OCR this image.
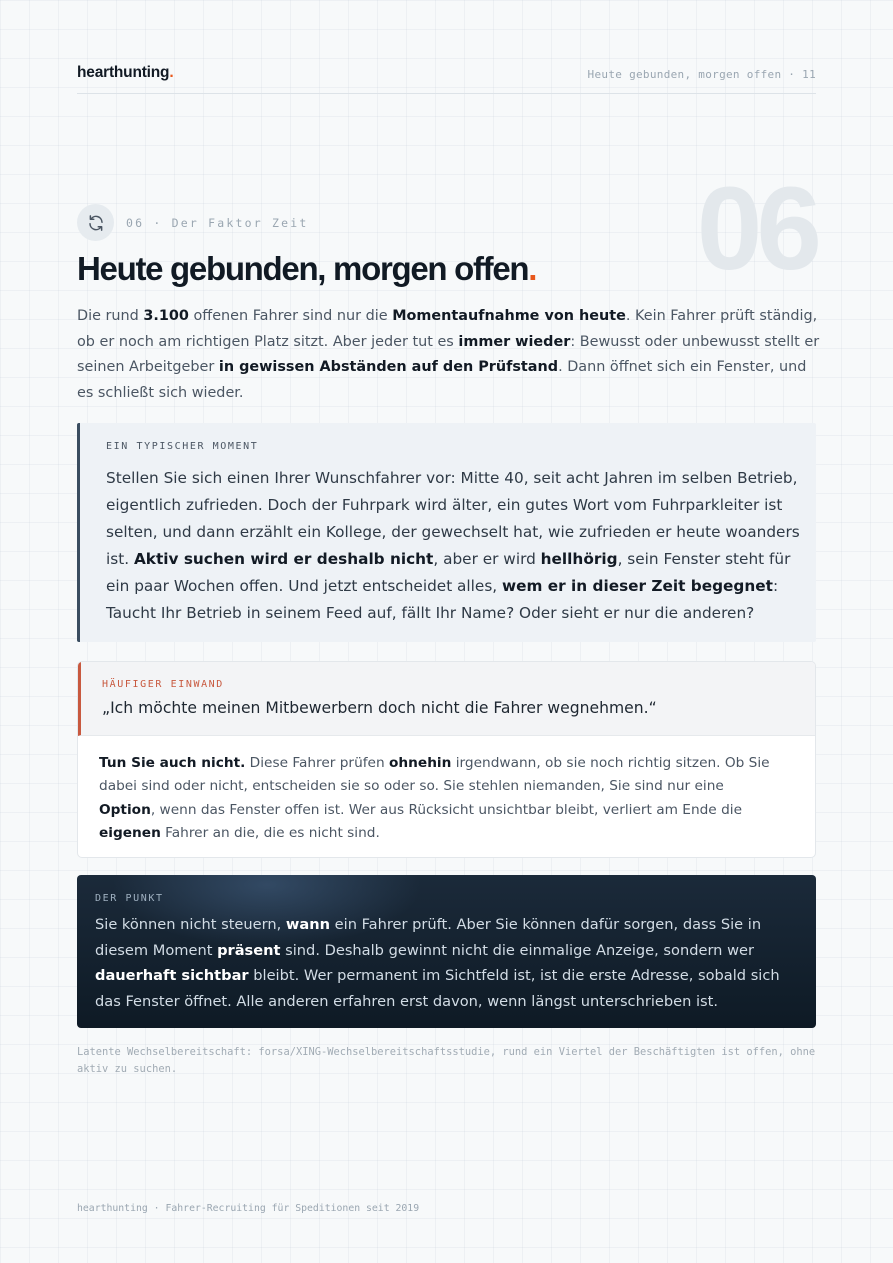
hearthunting.	Heute gebunden, morgen offen · 11
06
06 · Der Faktor Zeit
Heute gebunden, morgen offen.

Die rund 3.100 offenen Fahrer sind nur die Momentaufnahme von heute. Kein Fahrer prüft ständig, ob er noch am richtigen Platz sitzt. Aber jeder tut es immer wieder: Bewusst oder unbewusst stellt er seinen Arbeitgeber in gewissen Abständen auf den Prüfstand. Dann öffnet sich ein Fenster, und es schließt sich wieder.

EIN TYPISCHER MOMENT

Stellen Sie sich einen Ihrer Wunschfahrer vor: Mitte 40, seit acht Jahren im selben Betrieb, eigentlich zufrieden. Doch der Fuhrpark wird älter, ein gutes Wort vom Fuhrparkleiter ist selten, und dann erzählt ein Kollege, der gewechselt hat, wie zufrieden er heute woanders ist. Aktiv suchen wird er deshalb nicht, aber er wird hellhörig, sein Fenster steht für ein paar Wochen offen. Und jetzt entscheidet alles, wem er in dieser Zeit begegnet: Taucht Ihr Betrieb in seinem Feed auf, fällt Ihr Name? Oder sieht er nur die anderen?

HÄUFIGER EINWAND
„Ich möchte meinen Mitbewerbern doch nicht die Fahrer wegnehmen.“

Tun Sie auch nicht. Diese Fahrer prüfen ohnehin irgendwann, ob sie noch richtig sitzen. Ob Sie dabei sind oder nicht, entscheiden sie so oder so. Sie stehlen niemanden, Sie sind nur eine Option, wenn das Fenster offen ist. Wer aus Rücksicht unsichtbar bleibt, verliert am Ende die eigenen Fahrer an die, die es nicht sind.

DER PUNKT

Sie können nicht steuern, wann ein Fahrer prüft. Aber Sie können dafür sorgen, dass Sie in diesem Moment präsent sind. Deshalb gewinnt nicht die einmalige Anzeige, sondern wer dauerhaft sichtbar bleibt. Wer permanent im Sichtfeld ist, ist die erste Adresse, sobald sich das Fenster öffnet. Alle anderen erfahren erst davon, wenn längst unterschrieben ist.

Latente Wechselbereitschaft: forsa/XING-Wechselbereitschaftsstudie, rund ein Viertel der Beschäftigten ist offen, ohne aktiv zu suchen.

hearthunting · Fahrer-Recruiting für Speditionen seit 2019
